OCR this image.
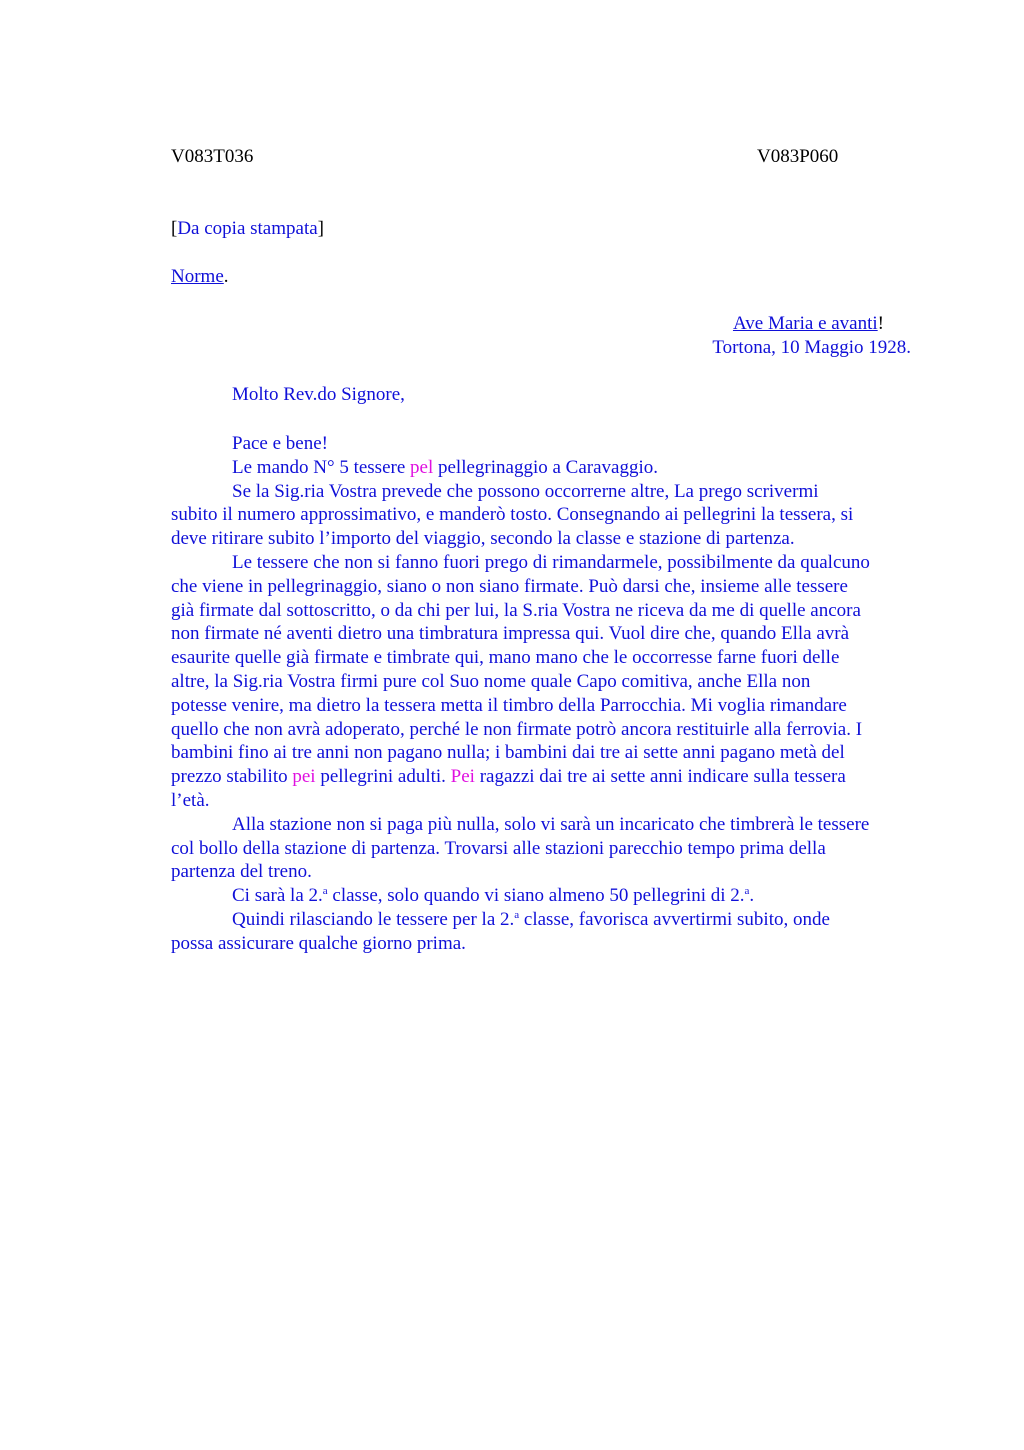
V083T036	V083P060
[Da copia stampata]
Norme.
Ave Maria e avanti!
Tortona, 10 Maggio 1928.
Molto Rev.do Signore,
Pace e bene!
Le mando N° 5 tessere pel pellegrinaggio a Caravaggio.
Se la Sig.ria Vostra prevede che possono occorrerne altre, La prego scrivermi
subito il numero approssimativo, e manderò tosto. Consegnando ai pellegrini la tessera, si
deve ritirare subito l’importo del viaggio, secondo la classe e stazione di partenza.
Le tessere che non si fanno fuori prego di rimandarmele, possibilmente da qualcuno
che viene in pellegrinaggio, siano o non siano firmate. Può darsi che, insieme alle tessere
già firmate dal sottoscritto, o da chi per lui, la S.ria Vostra ne riceva da me di quelle ancora
non firmate né aventi dietro una timbratura impressa qui. Vuol dire che, quando Ella avrà
esaurite quelle già firmate e timbrate qui, mano mano che le occorresse farne fuori delle
altre, la Sig.ria Vostra firmi pure col Suo nome quale Capo comitiva, anche Ella non
potesse venire, ma dietro la tessera metta il timbro della Parrocchia. Mi voglia rimandare
quello che non avrà adoperato, perché le non firmate potrò ancora restituirle alla ferrovia. I
bambini fino ai tre anni non pagano nulla; i bambini dai tre ai sette anni pagano metà del
prezzo stabilito pei pellegrini adulti. Pei ragazzi dai tre ai sette anni indicare sulla tessera
l’età.
Alla stazione non si paga più nulla, solo vi sarà un incaricato che timbrerà le tessere
col bollo della stazione di partenza. Trovarsi alle stazioni parecchio tempo prima della
partenza del treno.
Ci sarà la 2.$^a$ classe, solo quando vi siano almeno 50 pellegrini di 2.$^a$.
Quindi rilasciando le tessere per la 2.$^a$ classe, favorisca avvertirmi subito, onde
possa assicurare qualche giorno prima.
